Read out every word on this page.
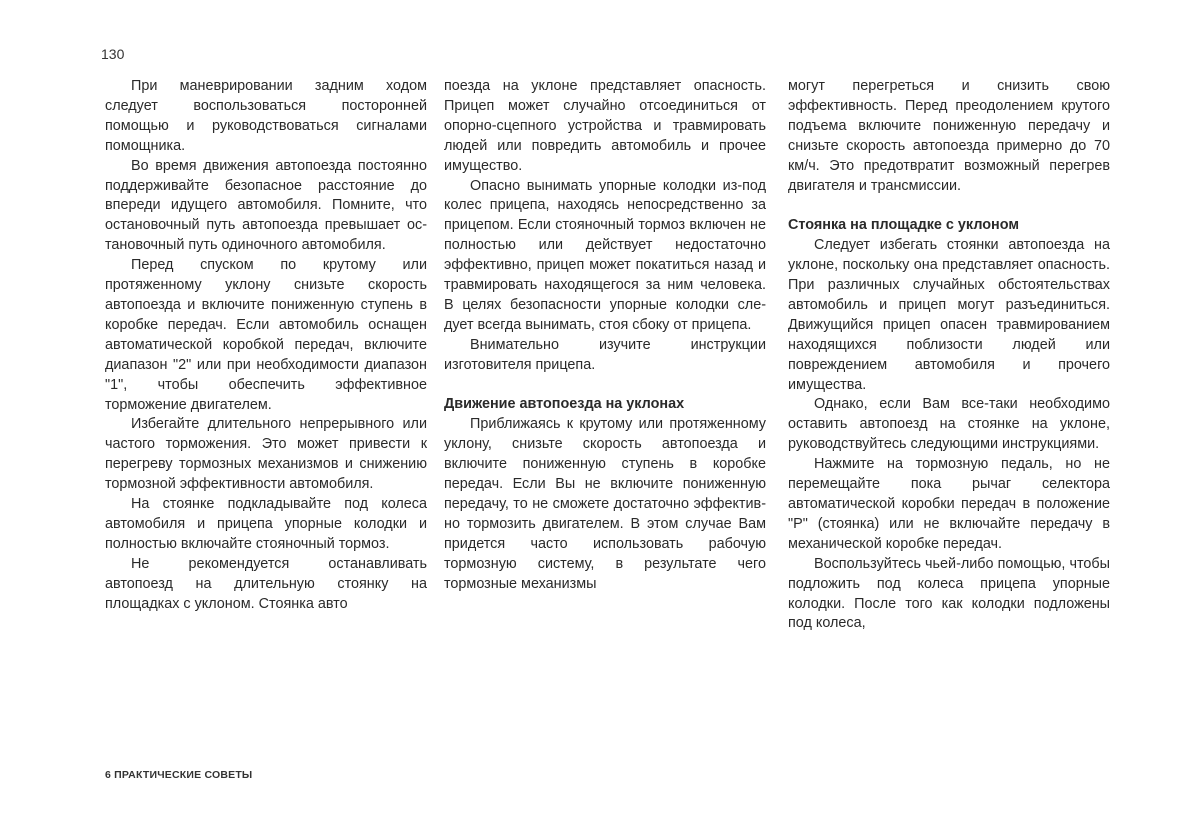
130

При маневрировании задним ходом следует воспользоваться посторонней помощью и руководствоваться сигналами помощника.

Во время движения автопоезда постоянно поддерживайте безопасное расстояние до впереди идущего автомобиля. Помните, что остановочный путь автопоезда превышает остановочный путь одиночного автомобиля.

Перед спуском по крутому или протяженному уклону снизьте скорость автопоезда и включите пониженную ступень в коробке передач. Если автомобиль оснащен автоматической коробкой передач, включите диапазон "2" или при необходимости диапазон "1", чтобы обеспечить эффективное торможение двигателем.

Избегайте длительного непрерывного или частого торможения. Это может привести к перегреву тормозных механизмов и снижению тормозной эффективности автомобиля.

На стоянке подкладывайте под колеса автомобиля и прицепа упорные колодки и полностью включайте стояночный тормоз.

Не рекомендуется останавливать автопоезд на длительную стоянку на площадках с уклоном. Стоянка авто

поезда на уклоне представляет опасность. Прицеп может случайно отсоединиться от опорно-сцепного устройства и травмировать людей или повредить автомобиль и прочее имущество.

Опасно вынимать упорные колодки из-под колес прицепа, находясь непосредственно за прицепом. Если стояночный тормоз включен не полностью или действует недостаточно эффективно, прицеп может покатиться назад и травмировать находящегося за ним человека. В целях безопасности упорные колодки следует всегда вынимать, стоя сбоку от прицепа.

Внимательно изучите инструкции изготовителя прицепа.

Движение автопоезда на уклонах

Приближаясь к крутому или протяженному уклону, снизьте скорость автопоезда и включите пониженную ступень в коробке передач. Если Вы не включите пониженную передачу, то не сможете достаточно эффективно тормозить двигателем. В этом случае Вам придется часто использовать рабочую тормозную систему, в результате чего тормозные механизмы

могут перегреться и снизить свою эффективность. Перед преодолением крутого подъема включите пониженную передачу и снизьте скорость автопоезда примерно до 70 км/ч. Это предотвратит возможный перегрев двигателя и трансмиссии.

Стоянка на площадке с уклоном

Следует избегать стоянки автопоезда на уклоне, поскольку она представляет опасность. При различных случайных обстоятельствах автомобиль и прицеп могут разъединиться. Движущийся прицеп опасен травмированием находящихся поблизости людей или повреждением автомобиля и прочего имущества.

Однако, если Вам все-таки необходимо оставить автопоезд на стоянке на уклоне, руководствуйтесь следующими инструкциями.

Нажмите на тормозную педаль, но не перемещайте пока рычаг селектора автоматической коробки передач в положение "P" (стоянка) или не включайте передачу в механической коробке передач.

Воспользуйтесь чьей-либо помощью, чтобы подложить под колеса прицепа упорные колодки. После того как колодки подложены под колеса,

6 ПРАКТИЧЕСКИЕ СОВЕТЫ
